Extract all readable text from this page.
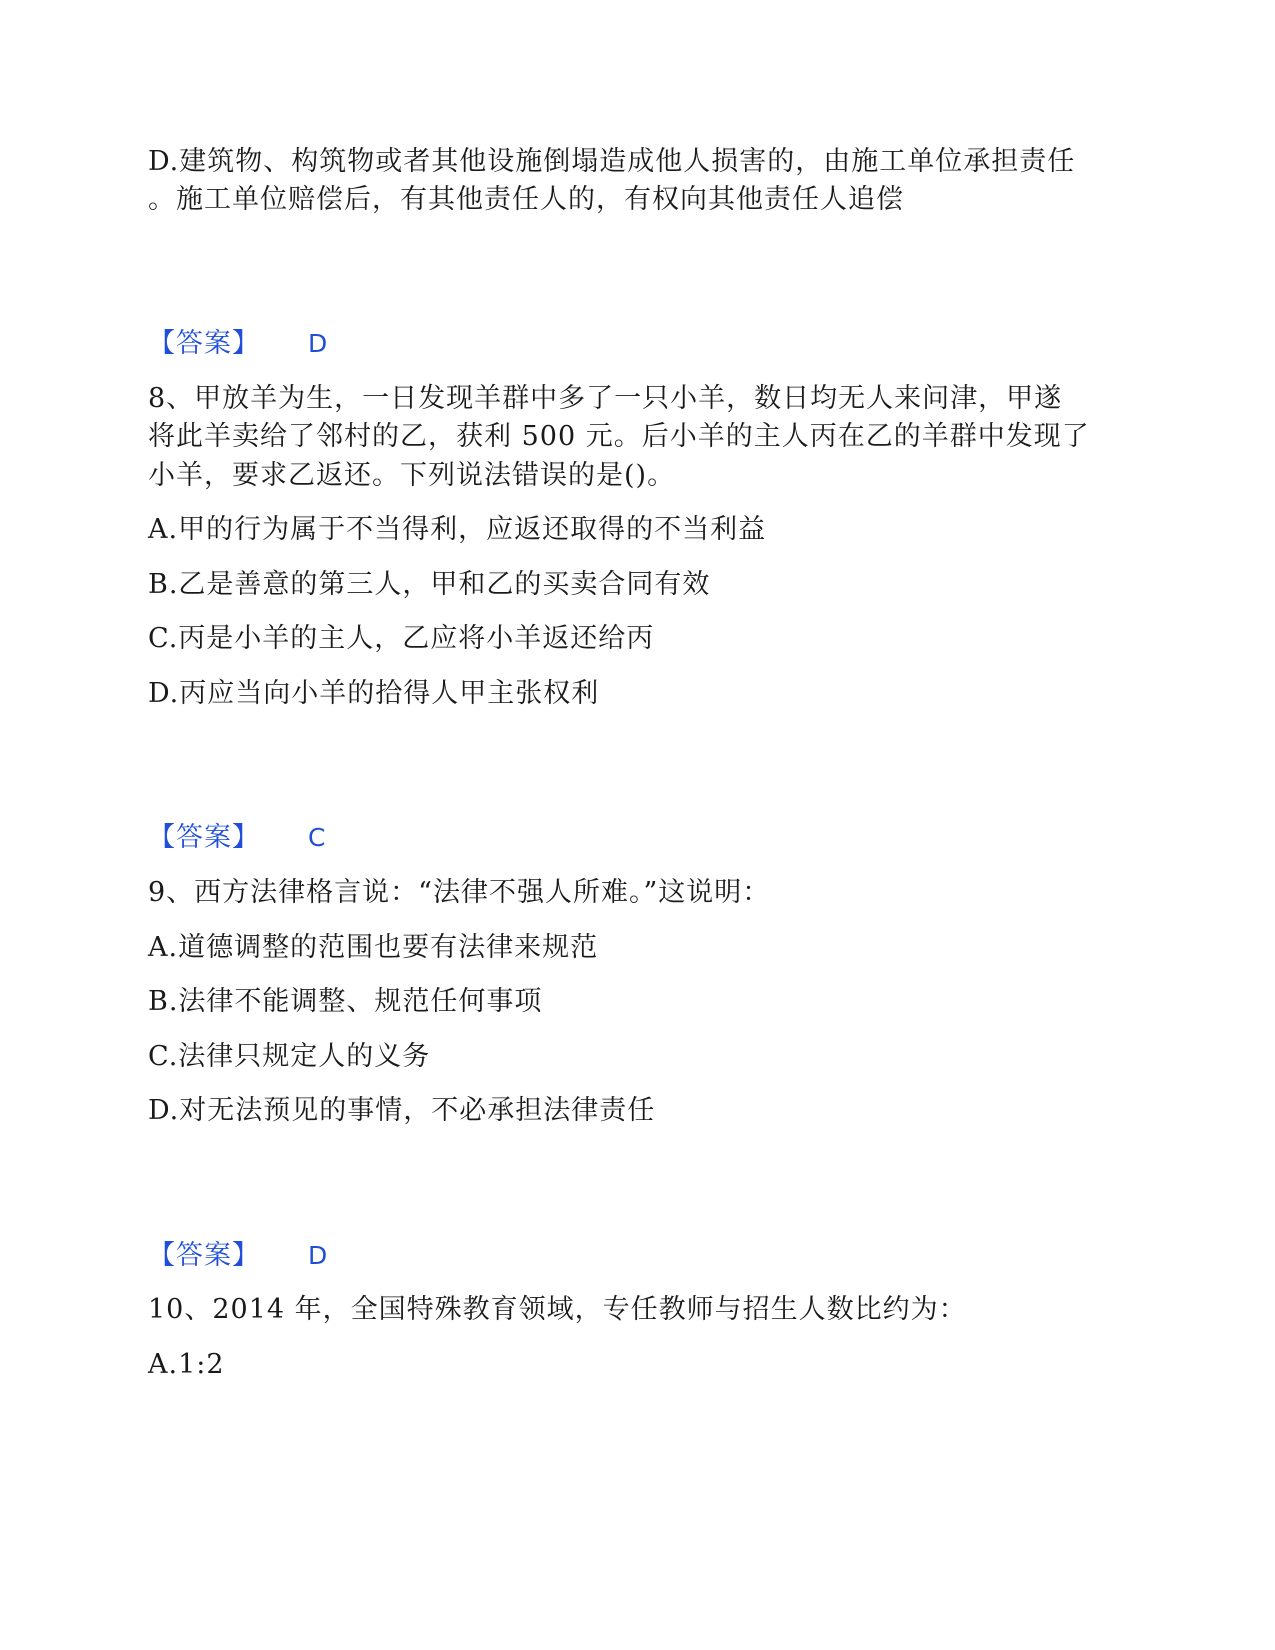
D.建筑物、构筑物或者其他设施倒塌造成他人损害的，由施工单位承担责任
。施工单位赔偿后，有其他责任人的，有权向其他责任人追偿
【答案】 D
8、甲放羊为生，一日发现羊群中多了一只小羊，数日均无人来问津，甲遂
将此羊卖给了邻村的乙，获利 500 元。后小羊的主人丙在乙的羊群中发现了
小羊，要求乙返还。下列说法错误的是()。
A.甲的行为属于不当得利，应返还取得的不当利益
B.乙是善意的第三人，甲和乙的买卖合同有效
C.丙是小羊的主人，乙应将小羊返还给丙
D.丙应当向小羊的拾得人甲主张权利
【答案】 C
9、西方法律格言说：“法律不强人所难。”这说明：
A.道德调整的范围也要有法律来规范
B.法律不能调整、规范任何事项
C.法律只规定人的义务
D.对无法预见的事情，不必承担法律责任
【答案】 D
10、2014 年，全国特殊教育领域，专任教师与招生人数比约为：
A.1:2
